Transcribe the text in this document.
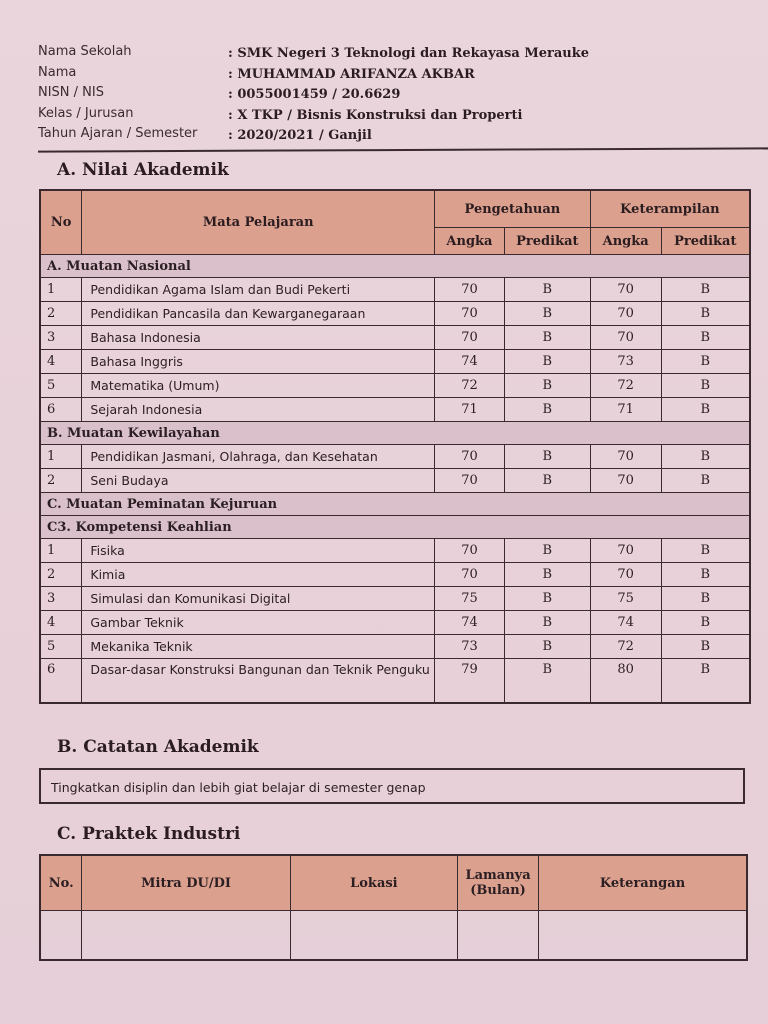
Nama Sekolah	: SMK Negeri 3 Teknologi dan Rekayasa Merauke
Nama	: MUHAMMAD ARIFANZA AKBAR
NISN / NIS	: 0055001459 / 20.6629
Kelas / Jurusan	: X TKP / Bisnis Konstruksi dan Properti
Tahun Ajaran / Semester : 2020/2021 / Ganjil
A. Nilai Akademik
No	Mata Pelajaran	Pengetahuan		Keterampilan	
		Angka	Predikat	Angka	Predikat
A. Muatan Nasional					
1	Pendidikan Agama Islam dan Budi Pekerti	70	B	70	B
2	Pendidikan Pancasila dan Kewarganegaraan	70	B	70	B
3	Bahasa Indonesia	70	B	70	B
4	Bahasa Inggris	74	B	73	B
5	Matematika (Umum)	72	B	72	B
6	Sejarah Indonesia	71	B	71	B
B. Muatan Kewilayahan					
1	Pendidikan Jasmani, Olahraga, dan Kesehatan	70	B	70	B
2	Seni Budaya	70	B	70	B
C. Muatan Peminatan Kejuruan					
C3. Kompetensi Keahlian					
1	Fisika	70	B	70	B
2	Kimia	70	B	70	B
3	Simulasi dan Komunikasi Digital	75	B	75	B
4	Gambar Teknik	74	B	74	B
5	Mekanika Teknik	73	B	72	B
6	Dasar-dasar Konstruksi Bangunan dan Teknik Penguku	79	B	80	B
B. Catatan Akademik
Tingkatkan disiplin dan lebih giat belajar di semester genap
C. Praktek Industri
No.	Mitra DU/DI	Lokasi	Lamanya (Bulan)	Keterangan
